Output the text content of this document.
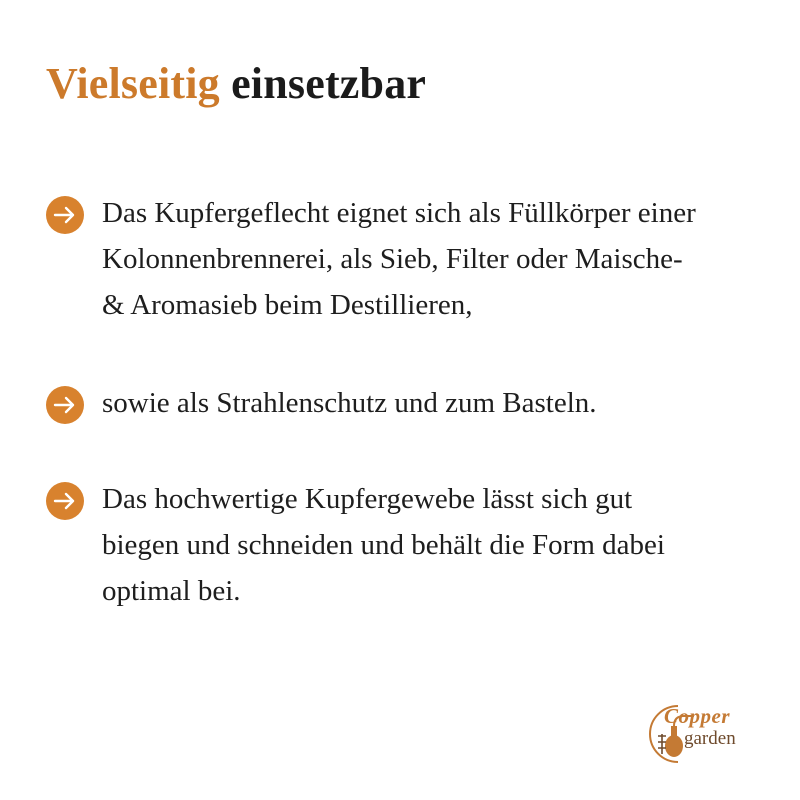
Vielseitig einsetzbar
Das Kupfergeflecht eignet sich als Füllkörper einer
Kolonnenbrennerei, als Sieb, Filter oder Maische-
& Aromasieb beim Destillieren,
sowie als Strahlenschutz und zum Basteln.
Das hochwertige Kupfergewebe lässt sich gut
biegen und schneiden und behält die Form dabei
optimal bei.
Copper
garden
